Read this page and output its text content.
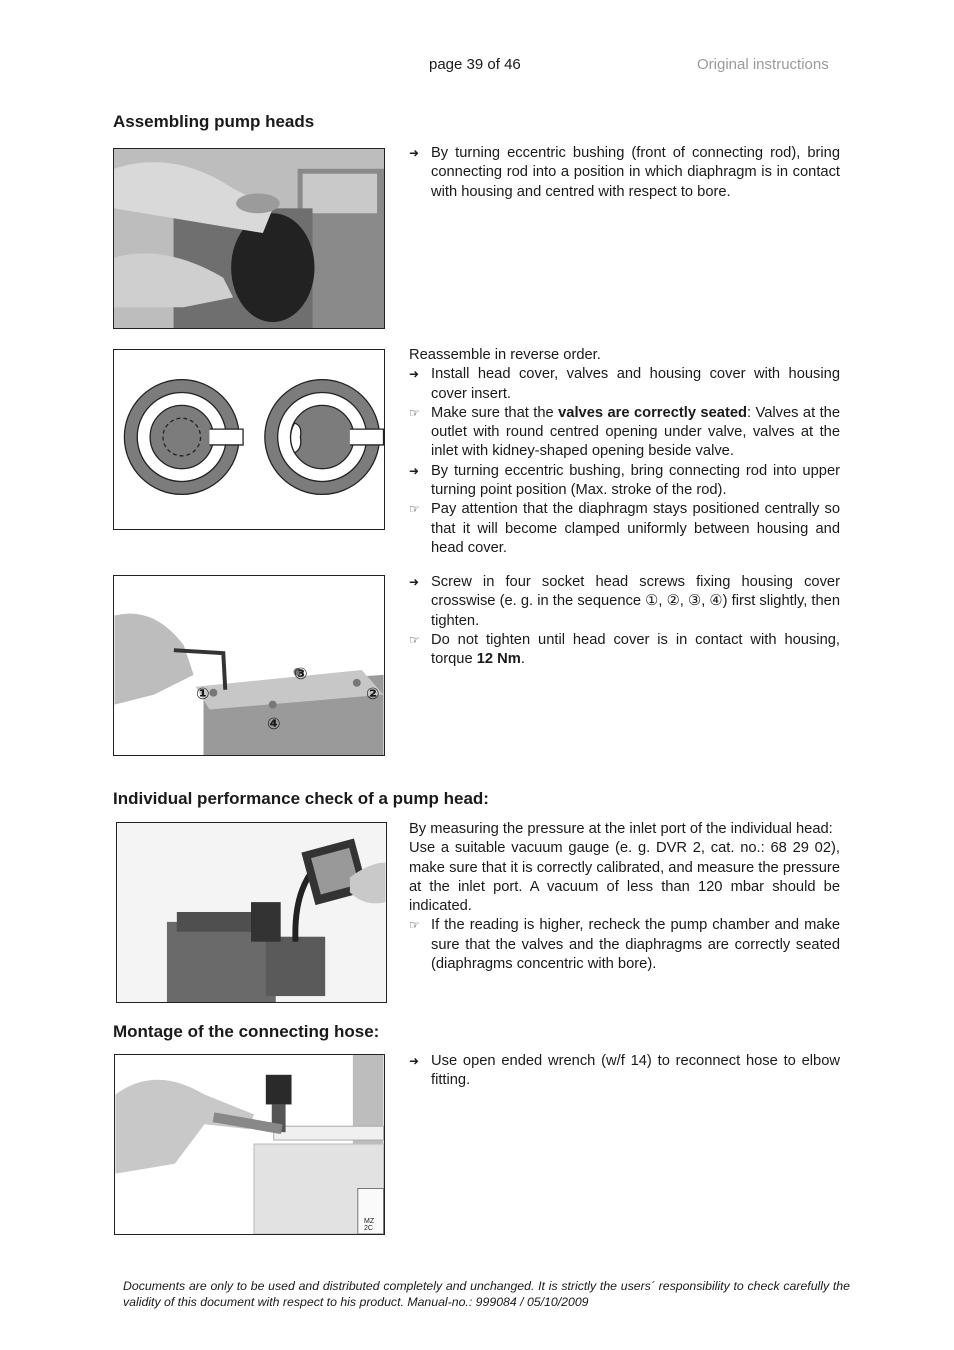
page 39 of 46	Original instructions
Assembling pump heads
➜ By turning eccentric bushing (front of connecting rod), bring connecting rod into a position in which diaphragm is in contact with housing and centred with respect to bore.

Reassemble in reverse order.

➜ Install head cover, valves and housing cover with housing cover insert.
☞ Make sure that the valves are correctly seated: Valves at the outlet with round centred opening under valve, valves at the inlet with kidney-shaped opening beside valve.
➜ By turning eccentric bushing, bring connecting rod into upper turning point position (Max. stroke of the rod).
☞ Pay attention that the diaphragm stays positioned centrally so that it will become clamped uniformly between housing and head cover.
③
①	②
④
➜ Screw in four socket head screws fixing housing cover crosswise (e. g. in the sequence ①, ②, ③, ④) first slightly, then tighten.
☞ Do not tighten until head cover is in contact with housing, torque 12 Nm.
Individual performance check of a pump head:

By measuring the pressure at the inlet port of the individual head:

Use a suitable vacuum gauge (e. g. DVR 2, cat. no.: 68 29 02), make sure that it is correctly calibrated, and measure the pressure at the inlet port. A vacuum of less than 120 mbar should be indicated.

☞ If the reading is higher, recheck the pump chamber and make sure that the valves and the diaphragms are correctly seated (diaphragms concentric with bore).
Montage of the connecting hose:
MZ 2C
➜ Use open ended wrench (w/f 14) to reconnect hose to elbow fitting.
Documents are only to be used and distributed completely and unchanged. It is strictly the users´ responsibility to check carefully the validity of this document with respect to his product. Manual-no.: 999084 / 05/10/2009
